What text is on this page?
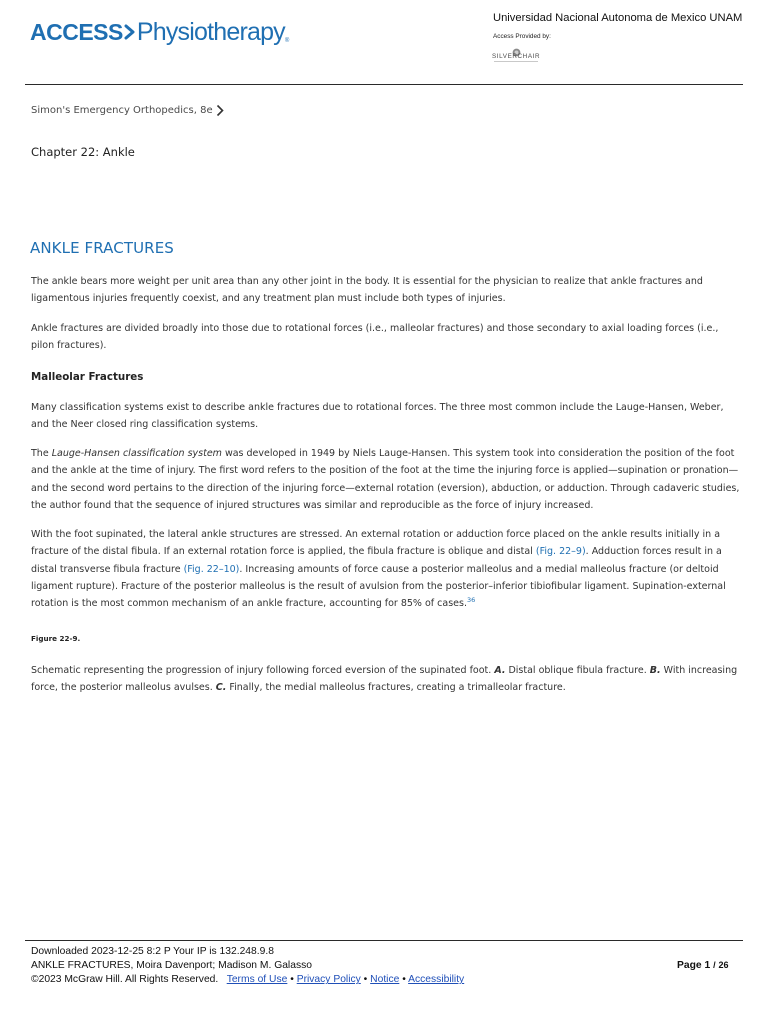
ACCESS Physiotherapy ®
Universidad Nacional Autonoma de Mexico UNAM
Access Provided by:
SILVERCHAIR
Simon's Emergency Orthopedics, 8e
Chapter 22: Ankle
ANKLE FRACTURES

The ankle bears more weight per unit area than any other joint in the body. It is essential for the physician to realize that ankle fractures and ligamentous injuries frequently coexist, and any treatment plan must include both types of injuries.

Ankle fractures are divided broadly into those due to rotational forces (i.e., malleolar fractures) and those secondary to axial loading forces (i.e., pilon fractures).

Malleolar Fractures

Many classification systems exist to describe ankle fractures due to rotational forces. The three most common include the Lauge-Hansen, Weber, and the Neer closed ring classification systems.

The Lauge-Hansen classification system was developed in 1949 by Niels Lauge-Hansen. This system took into consideration the position of the foot and the ankle at the time of injury. The first word refers to the position of the foot at the time the injuring force is applied—supination or pronation—and the second word pertains to the direction of the injuring force—external rotation (eversion), abduction, or adduction. Through cadaveric studies, the author found that the sequence of injured structures was similar and reproducible as the force of injury increased.

With the foot supinated, the lateral ankle structures are stressed. An external rotation or adduction force placed on the ankle results initially in a fracture of the distal fibula. If an external rotation force is applied, the fibula fracture is oblique and distal (Fig. 22–9). Adduction forces result in a distal transverse fibula fracture (Fig. 22–10). Increasing amounts of force cause a posterior malleolus and a medial malleolus fracture (or deltoid ligament rupture). Fracture of the posterior malleolus is the result of avulsion from the posterior–inferior tibiofibular ligament. Supination-external rotation is the most common mechanism of an ankle fracture, accounting for 85% of cases.$^{36}$

Figure 22-9.

Schematic representing the progression of injury following forced eversion of the supinated foot. A. Distal oblique fibula fracture. B. With increasing force, the posterior malleolus avulses. C. Finally, the medial malleolus fractures, creating a trimalleolar fracture.

Downloaded 2023-12-25 8:2 P Your IP is 132.248.9.8
ANKLE FRACTURES, Moira Davenport; Madison M. Galasso
©2023 McGraw Hill. All Rights Reserved. Terms of Use • Privacy Policy • Notice • Accessibility
Page 1 / 26
